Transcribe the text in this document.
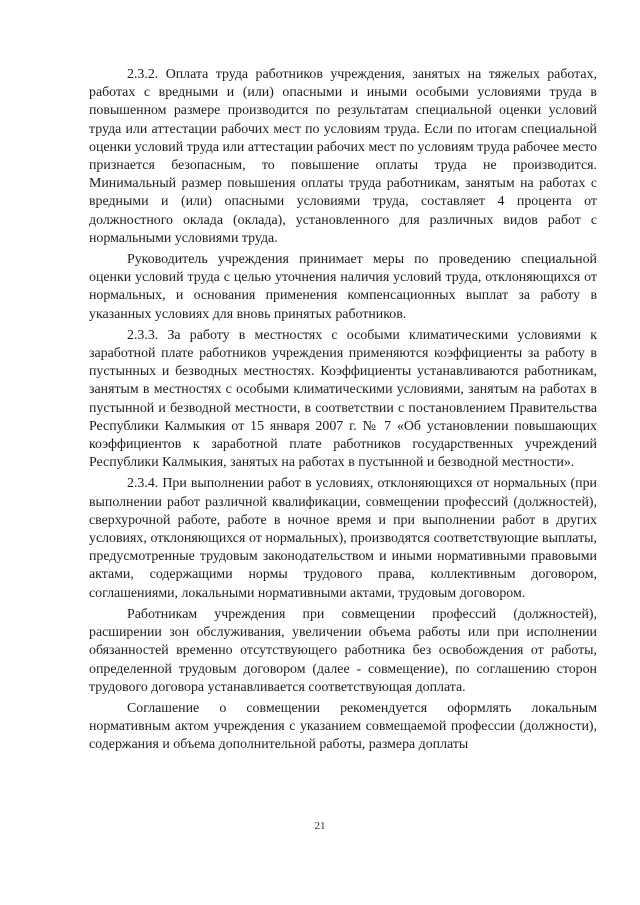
2.3.2. Оплата труда работников учреждения, занятых на тяжелых работах, работах с вредными и (или) опасными и иными особыми условиями труда в повышенном размере производится по результатам специальной оценки условий труда или аттестации рабочих мест по условиям труда. Если по итогам специальной оценки условий труда или аттестации рабочих мест по условиям труда рабочее место признается безопасным, то повышение оплаты труда не производится. Минимальный размер повышения оплаты труда работникам, занятым на работах с вредными и (или) опасными условиями труда, составляет 4 процента от должностного оклада (оклада), установленного для различных видов работ с нормальными условиями труда.

Руководитель учреждения принимает меры по проведению специальной оценки условий труда с целью уточнения наличия условий труда, отклоняющихся от нормальных, и основания применения компенсационных выплат за работу в указанных условиях для вновь принятых работников.

2.3.3. За работу в местностях с особыми климатическими условиями к заработной плате работников учреждения применяются коэффициенты за работу в пустынных и безводных местностях. Коэффициенты устанавливаются работникам, занятым в местностях с особыми климатическими условиями, занятым на работах в пустынной и безводной местности, в соответствии с постановлением Правительства Республики Калмыкия от 15 января 2007 г. № 7 «Об установлении повышающих коэффициентов к заработной плате работников государственных учреждений Республики Калмыкия, занятых на работах в пустынной и безводной местности».

2.3.4. При выполнении работ в условиях, отклоняющихся от нормальных (при выполнении работ различной квалификации, совмещении профессий (должностей), сверхурочной работе, работе в ночное время и при выполнении работ в других условиях, отклоняющихся от нормальных), производятся соответствующие выплаты, предусмотренные трудовым законодательством и иными нормативными правовыми актами, содержащими нормы трудового права, коллективным договором, соглашениями, локальными нормативными актами, трудовым договором.

Работникам учреждения при совмещении профессий (должностей), расширении зон обслуживания, увеличении объема работы или при исполнении обязанностей временно отсутствующего работника без освобождения от работы, определенной трудовым договором (далее - совмещение), по соглашению сторон трудового договора устанавливается соответствующая доплата.

Соглашение о совмещении рекомендуется оформлять локальным нормативным актом учреждения с указанием совмещаемой профессии (должности), содержания и объема дополнительной работы, размера доплаты

21
